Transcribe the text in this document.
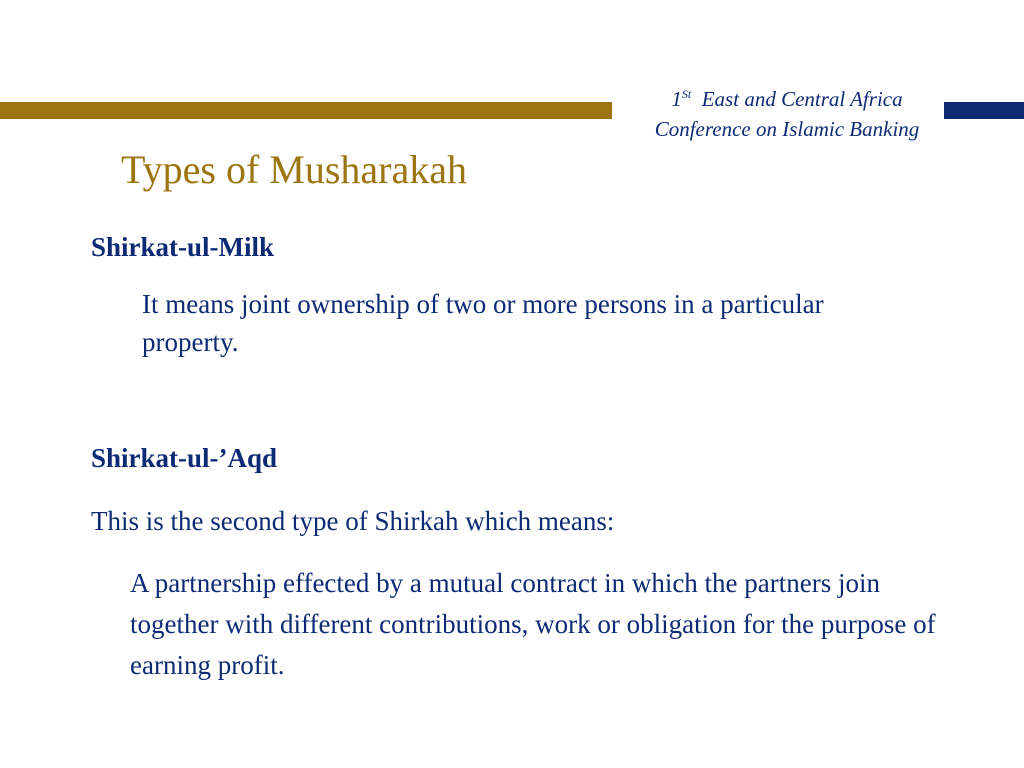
1St East and Central Africa
Conference on Islamic Banking
Types of Musharakah
Shirkat-ul-Milk
It means joint ownership of two or more persons in a particular property.
Shirkat-ul-’Aqd
This is the second type of Shirkah which means:
A partnership effected by a mutual contract in which the partners join together with different contributions, work or obligation for the purpose of earning profit.
